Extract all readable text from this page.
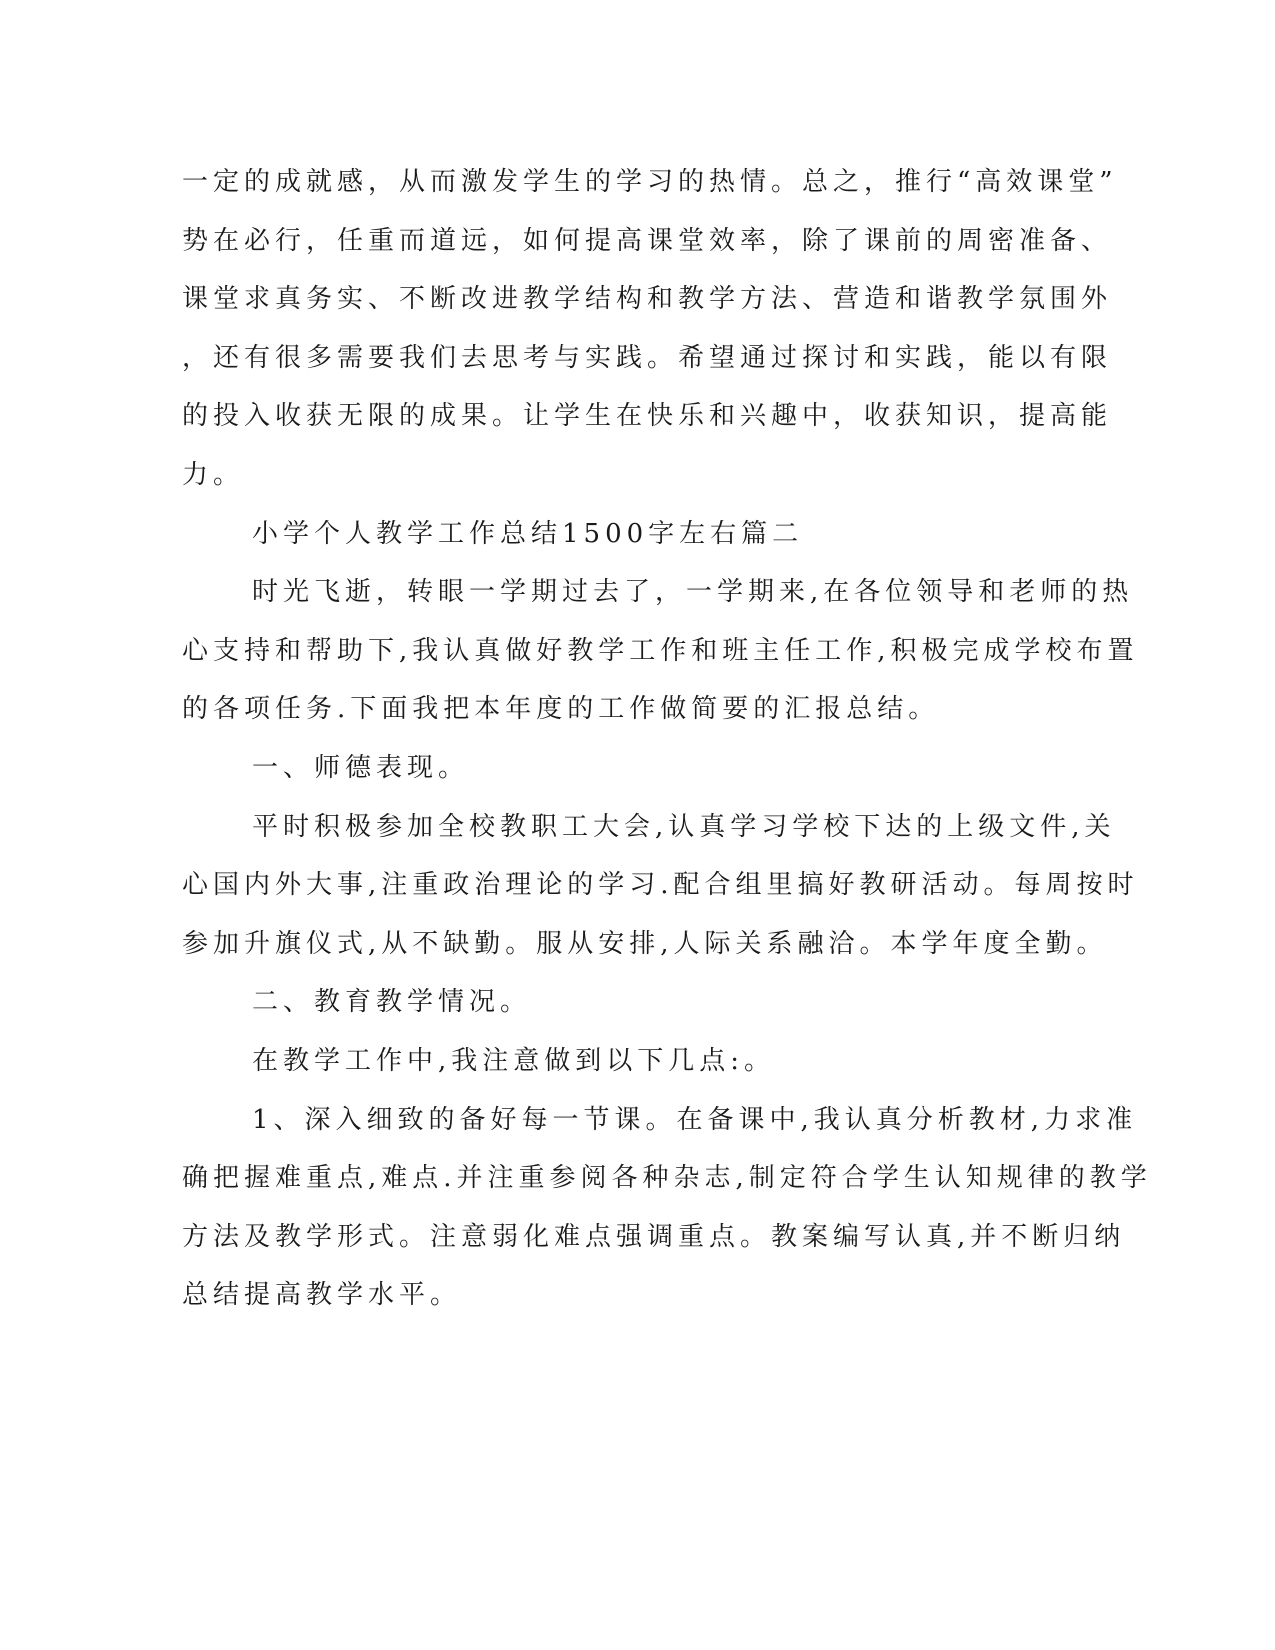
一定的成就感，从而激发学生的学习的热情。总之，推行“高效课堂”
势在必行，任重而道远，如何提高课堂效率，除了课前的周密准备、
课堂求真务实、不断改进教学结构和教学方法、营造和谐教学氛围外
，还有很多需要我们去思考与实践。希望通过探讨和实践，能以有限
的投入收获无限的成果。让学生在快乐和兴趣中，收获知识，提高能
力。
小学个人教学工作总结1500字左右篇二
时光飞逝，转眼一学期过去了，一学期来,在各位领导和老师的热
心支持和帮助下,我认真做好教学工作和班主任工作,积极完成学校布置
的各项任务.下面我把本年度的工作做简要的汇报总结。
一、师德表现。
平时积极参加全校教职工大会,认真学习学校下达的上级文件,关
心国内外大事,注重政治理论的学习.配合组里搞好教研活动。每周按时
参加升旗仪式,从不缺勤。服从安排,人际关系融洽。本学年度全勤。
二、教育教学情况。
在教学工作中,我注意做到以下几点:。
1、深入细致的备好每一节课。在备课中,我认真分析教材,力求准
确把握难重点,难点.并注重参阅各种杂志,制定符合学生认知规律的教学
方法及教学形式。注意弱化难点强调重点。教案编写认真,并不断归纳
总结提高教学水平。
